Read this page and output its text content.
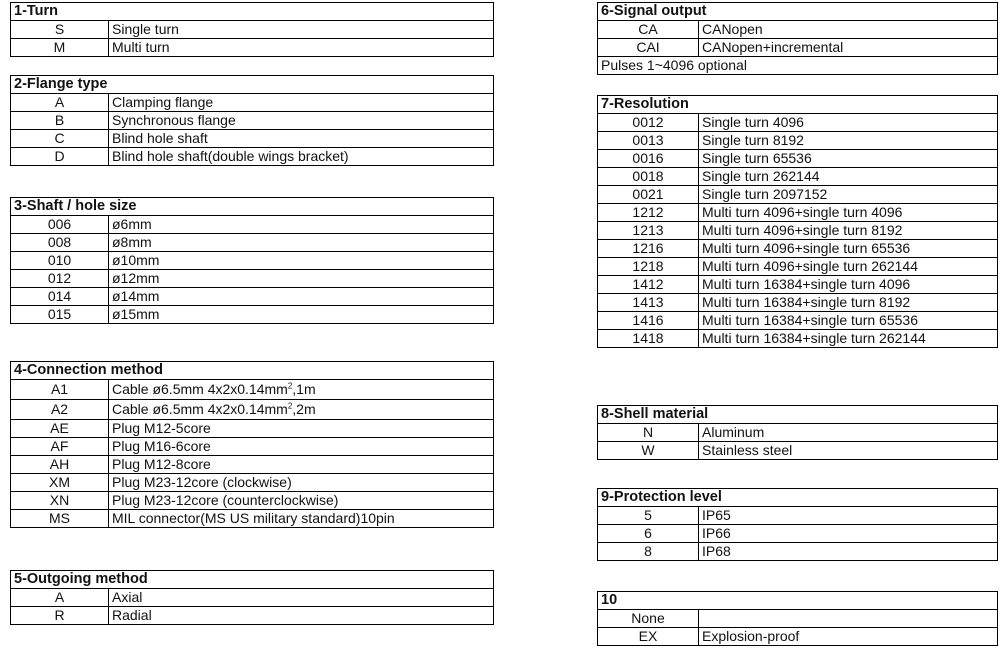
1-Turn	
S	Single turn
M	Multi turn
2-Flange type	
A	Clamping flange
B	Synchronous flange
C	Blind hole shaft
D	Blind hole shaft(double wings bracket)
3-Shaft / hole size	
006	ø6mm
008	ø8mm
010	ø10mm
012	ø12mm
014	ø14mm
015	ø15mm
4-Connection method	
A1	Cable ø6.5mm $4x2x0.14mm^2,1m$
A2	Cable ø6.5mm $4x2x0.14mm^2,2m$
AE	Plug M12-5core
AF	Plug M16-6core
AH	Plug M12-8core
XM	Plug M23-12core (clockwise)
XN	Plug M23-12core (counterclockwise)
MS	MIL connector(MS US military standard)10pin
5-Outgoing method	
A	Axial
R	Radial
6-Signal output	
CA	CANopen
CAI	CANopen+incremental
Pulses 1~4096 optional	
7-Resolution	
0012	Single turn 4096
0013	Single turn 8192
0016	Single turn 65536
0018	Single turn 262144
0021	Single turn 2097152
1212	Multi turn 4096+single turn 4096
1213	Multi turn 4096+single turn 8192
1216	Multi turn 4096+single turn 65536
1218	Multi turn 4096+single turn 262144
1412	Multi turn 16384+single turn 4096
1413	Multi turn 16384+single turn 8192
1416	Multi turn 16384+single turn 65536
1418	Multi turn 16384+single turn 262144
8-Shell material	
N	Aluminum
W	Stainless steel
9-Protection level	
5	IP65
6	IP66
8	IP68
10	
None	
EX	Explosion-proof
